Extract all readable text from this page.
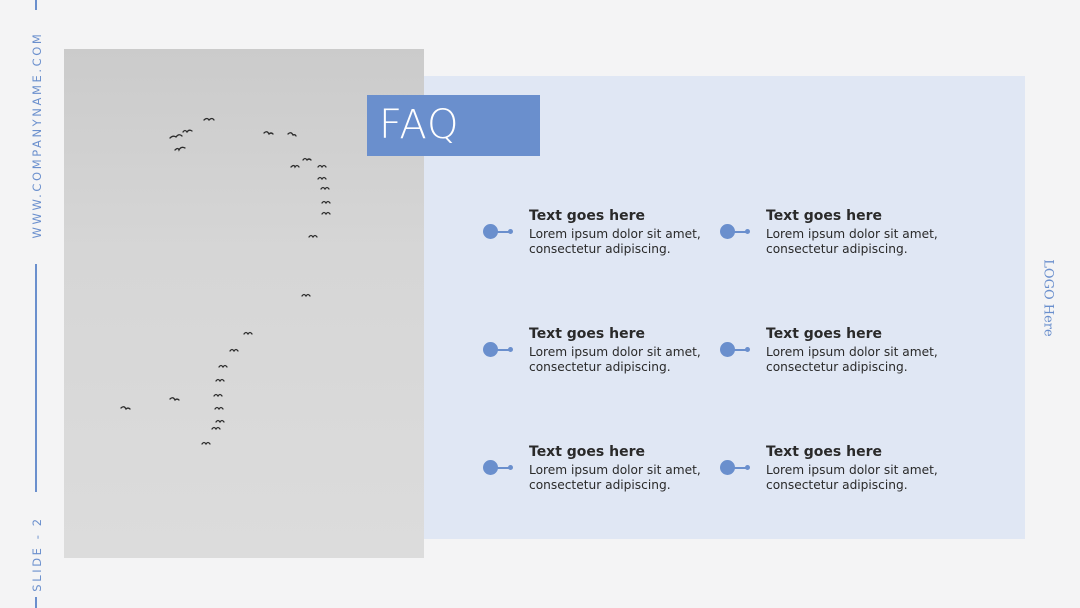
WWW.COMPANYNAME.COM
SLIDE - 2
FAQ
Text goes here
Lorem ipsum dolor sit amet,
consectetur adipiscing.
Text goes here
Lorem ipsum dolor sit amet,
consectetur adipiscing.
Text goes here
Lorem ipsum dolor sit amet,
consectetur adipiscing.
Text goes here
Lorem ipsum dolor sit amet,
consectetur adipiscing.
Text goes here
Lorem ipsum dolor sit amet,
consectetur adipiscing.
Text goes here
Lorem ipsum dolor sit amet,
consectetur adipiscing.
LOGO Here
